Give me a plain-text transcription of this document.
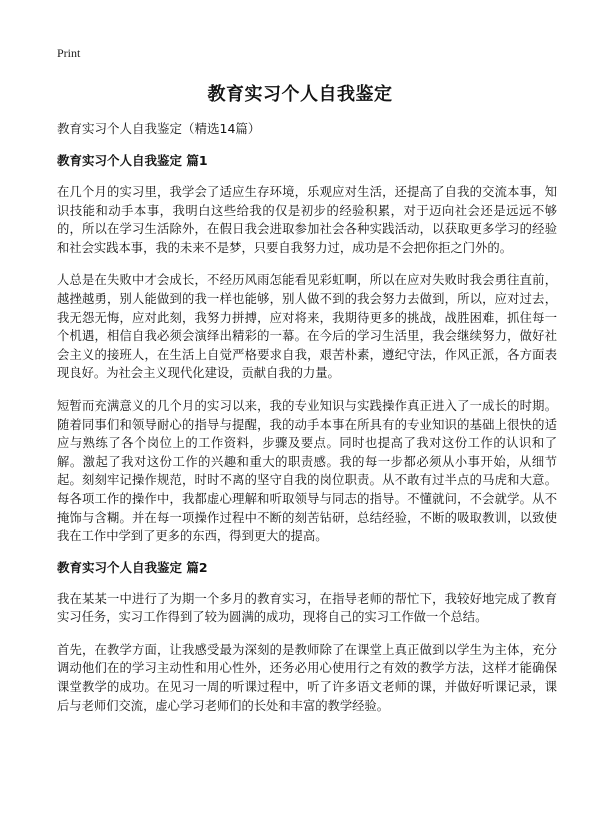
Print
教育实习个人自我鉴定

教育实习个人自我鉴定（精选14篇）

教育实习个人自我鉴定 篇1

在几个月的实习里，我学会了适应生存环境，乐观应对生活，还提高了自我的交流本事，知识技能和动手本事，我明白这些给我的仅是初步的经验积累，对于迈向社会还是远远不够的，所以在学习生活除外，在假日我会进取参加社会各种实践活动，以获取更多学习的经验和社会实践本事，我的未来不是梦，只要自我努力过，成功是不会把你拒之门外的。

人总是在失败中才会成长，不经历风雨怎能看见彩虹啊，所以在应对失败时我会勇往直前，越挫越勇，别人能做到的我一样也能够，别人做不到的我会努力去做到，所以，应对过去，我无怨无悔，应对此刻，我努力拼搏，应对将来，我期待更多的挑战，战胜困难，抓住每一个机遇，相信自我必须会演绎出精彩的一幕。在今后的学习生活里，我会继续努力，做好社会主义的接班人，在生活上自觉严格要求自我，艰苦朴素，遵纪守法，作风正派，各方面表现良好。为社会主义现代化建设，贡献自我的力量。

短暂而充满意义的几个月的实习以来，我的专业知识与实践操作真正进入了一成长的时期。随着同事们和领导耐心的指导与提醒，我的动手本事在所具有的专业知识的基础上很快的适应与熟练了各个岗位上的工作资料，步骤及要点。同时也提高了我对这份工作的认识和了解。激起了我对这份工作的兴趣和重大的职责感。我的每一步都必须从小事开始，从细节起。刻刻牢记操作规范，时时不离的坚守自我的岗位职责。从不敢有过半点的马虎和大意。每各项工作的操作中，我都虚心理解和听取领导与同志的指导。不懂就问，不会就学。从不掩饰与含糊。并在每一项操作过程中不断的刻苦钻研，总结经验，不断的吸取教训，以致使我在工作中学到了更多的东西，得到更大的提高。

教育实习个人自我鉴定 篇2

我在某某一中进行了为期一个多月的教育实习，在指导老师的帮忙下，我较好地完成了教育实习任务，实习工作得到了较为圆满的成功，现将自己的实习工作做一个总结。

首先，在教学方面，让我感受最为深刻的是教师除了在课堂上真正做到以学生为主体，充分调动他们在的学习主动性和用心性外，还务必用心使用行之有效的教学方法，这样才能确保课堂教学的成功。在见习一周的听课过程中，听了许多语文老师的课，并做好听课记录，课后与老师们交流，虚心学习老师们的长处和丰富的教学经验。
